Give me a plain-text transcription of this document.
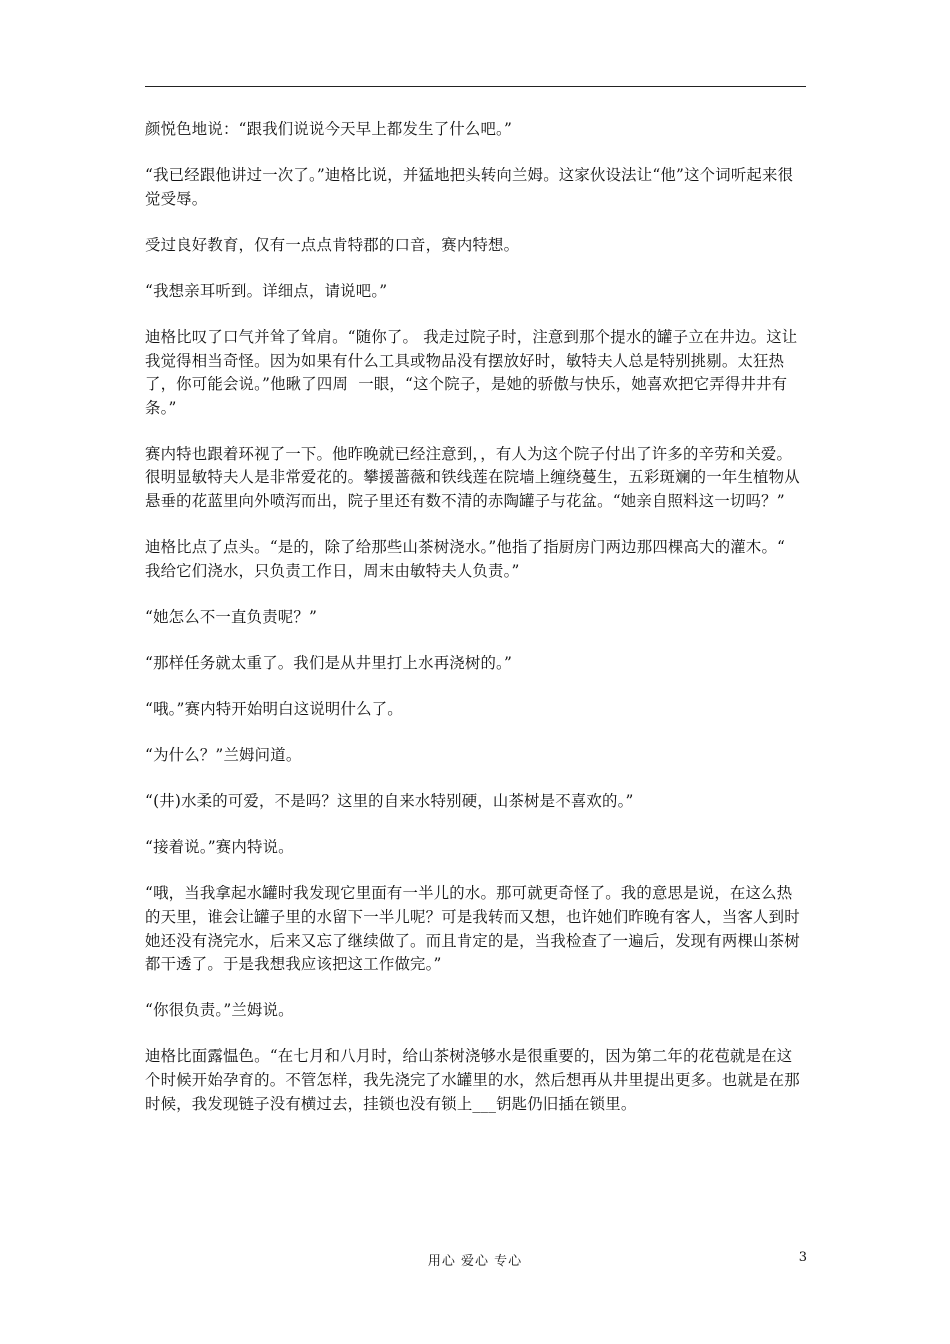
颜悦色地说：“跟我们说说今天早上都发生了什么吧。”

“我已经跟他讲过一次了。”迪格比说，并猛地把头转向兰姆。这家伙设法让“他”这个词听起来很觉受辱。

受过良好教育，仅有一点点肯特郡的口音，赛内特想。

“我想亲耳听到。详细点，请说吧。”

迪格比叹了口气并耸了耸肩。“随你了。 我走过院子时，注意到那个提水的罐子立在井边。这让我觉得相当奇怪。因为如果有什么工具或物品没有摆放好时，敏特夫人总是特别挑剔。太狂热了，你可能会说。”他瞅了四周  一眼，“这个院子，是她的骄傲与快乐，她喜欢把它弄得井井有条。”

赛内特也跟着环视了一下。他昨晚就已经注意到，，有人为这个院子付出了许多的辛劳和关爱。很明显敏特夫人是非常爱花的。攀援蔷薇和铁线莲在院墙上缠绕蔓生，五彩斑斓的一年生植物从悬垂的花蓝里向外喷泻而出，院子里还有数不清的赤陶罐子与花盆。“她亲自照料这一切吗？”

迪格比点了点头。“是的，除了给那些山茶树浇水。”他指了指厨房门两边那四棵高大的灌木。“  我给它们浇水，只负责工作日，周末由敏特夫人负责。”

“她怎么不一直负责呢？”

“那样任务就太重了。我们是从井里打上水再浇树的。”

“哦。”赛内特开始明白这说明什么了。

“为什么？”兰姆问道。

“(井)水柔的可爱，不是吗？这里的自来水特别硬，山茶树是不喜欢的。”

“接着说。”赛内特说。

“哦，当我拿起水罐时我发现它里面有一半儿的水。那可就更奇怪了。我的意思是说，在这么热的天里，谁会让罐子里的水留下一半儿呢？可是我转而又想，也许她们昨晚有客人，当客人到时她还没有浇完水，后来又忘了继续做了。而且肯定的是，当我检查了一遍后，发现有两棵山茶树都干透了。于是我想我应该把这工作做完。”

“你很负责。”兰姆说。

迪格比面露愠色。“在七月和八月时，给山茶树浇够水是很重要的，因为第二年的花苞就是在这个时候开始孕育的。不管怎样，我先浇完了水罐里的水，然后想再从井里提出更多。也就是在那时候，我发现链子没有横过去，挂锁也没有锁上___钥匙仍旧插在锁里。

用心 爱心 专心	3
